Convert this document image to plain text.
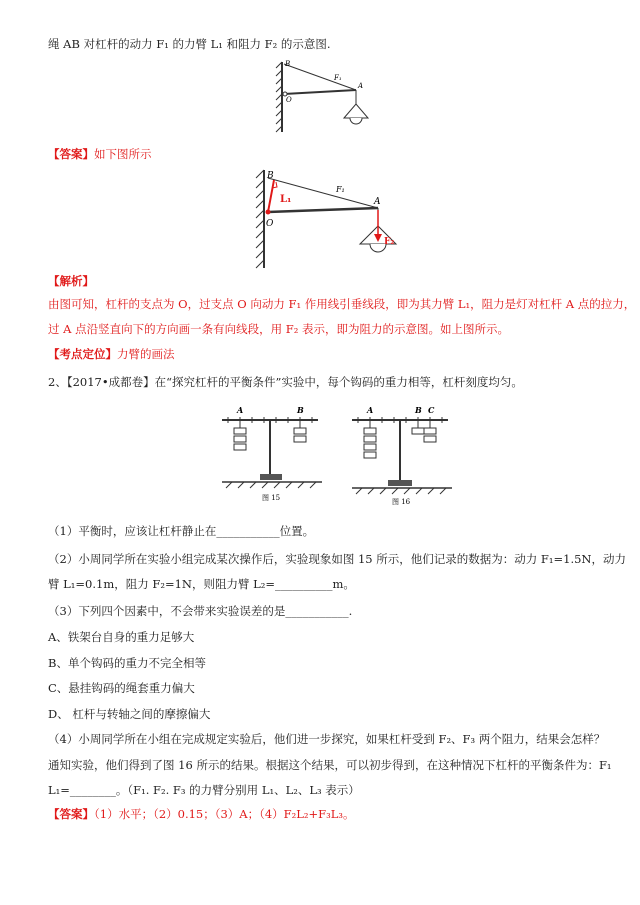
绳 AB 对杠杆的动力 F₁ 的力臂 L₁ 和阻力 F₂ 的示意图.
B
O
F₁
A
【答案】如下图所示
B
O
L₁
F₁
A
F₂
【解析】
由图可知，杠杆的支点为 O，过支点 O 向动力 F₁ 作用线引垂线段，即为其力臂 L₁，阻力是灯对杠杆 A 点的拉力，
过 A 点沿竖直向下的方向画一条有向线段，用 F₂ 表示，即为阻力的示意图。如上图所示。
【考点定位】力臂的画法
2、【2017•成都卷】在“探究杠杆的平衡条件”实验中，每个钩码的重力相等，杠杆刻度均匀。
A	B
图 15
A	B C
图 16
（1）平衡时，应该让杠杆静止在___________位置。
（2）小周同学所在实验小组完成某次操作后，实验现象如图 15 所示，他们记录的数据为：动力 F₁=1.5N，动力
臂 L₁=0.1m，阻力 F₂=1N，则阻力臂 L₂=__________m。
（3）下列四个因素中，不会带来实验误差的是___________.
A、铁架台自身的重力足够大
B、单个钩码的重力不完全相等
C、悬挂钩码的绳套重力偏大
D、 杠杆与转轴之间的摩擦偏大
（4）小周同学所在小组在完成规定实验后，他们进一步探究，如果杠杆受到 F₂、F₃ 两个阻力，结果会怎样？
通知实验，他们得到了图 16 所示的结果。根据这个结果，可以初步得到，在这种情况下杠杆的平衡条件为：F₁
L₁=________。（F₁. F₂. F₃ 的力臂分别用 L₁、L₂、L₃ 表示）
【答案】（1）水平；（2）0.15；（3）A；（4）F₂L₂+F₃L₃。
